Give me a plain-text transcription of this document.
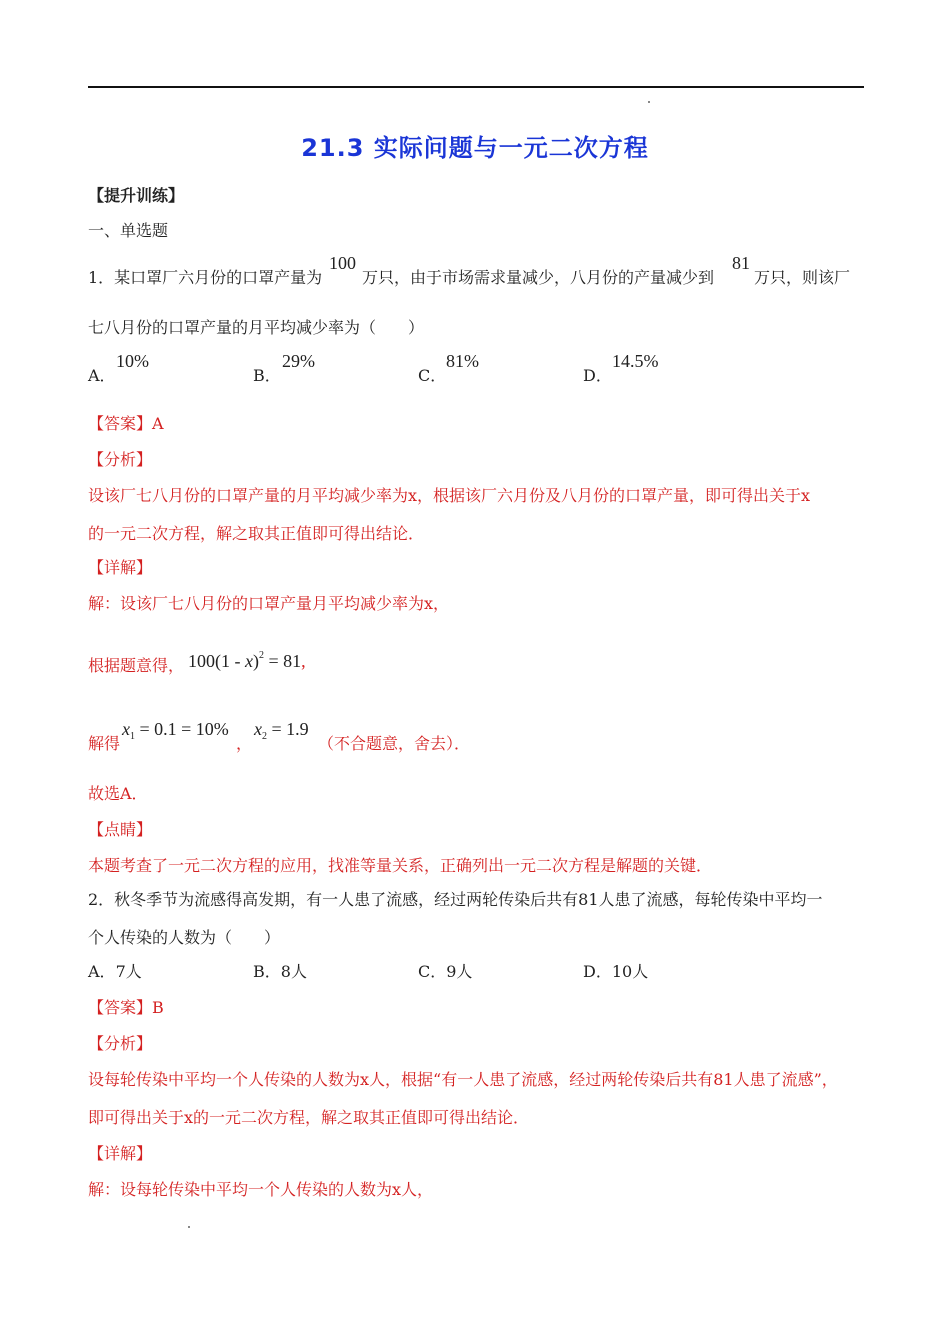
21.3 实际问题与一元二次方程
【提升训练】
一、单选题
1．某口罩厂六月份的口罩产量为
100
万只，由于市场需求量减少，八月份的产量减少到
81
万只，则该厂
七八月份的口罩产量的月平均减少率为（　　）
A．
10%
B．
29%
C．
81%
D．
14.5%
【答案】A
【分析】
设该厂七八月份的口罩产量的月平均减少率为x，根据该厂六月份及八月份的口罩产量，即可得出关于x
的一元二次方程，解之取其正值即可得出结论．
【详解】
解：设该厂七八月份的口罩产量月平均减少率为x，
根据题意得， 100(1 - x)$^2$ = 81,
解得
$x_1 = 0.1 = 10\%$
，
$x_2 = 1.9$
（不合题意，舍去）．
故选A．
【点睛】
本题考查了一元二次方程的应用，找准等量关系，正确列出一元二次方程是解题的关键．
2．秋冬季节为流感得高发期，有一人患了流感，经过两轮传染后共有81人患了流感，每轮传染中平均一
个人传染的人数为（　　）
A．7人	B．8人	C．9人	D．10人
【答案】B
【分析】
设每轮传染中平均一个人传染的人数为x人，根据“有一人患了流感，经过两轮传染后共有81人患了流感”，
即可得出关于x的一元二次方程，解之取其正值即可得出结论．
【详解】
解：设每轮传染中平均一个人传染的人数为x人，
